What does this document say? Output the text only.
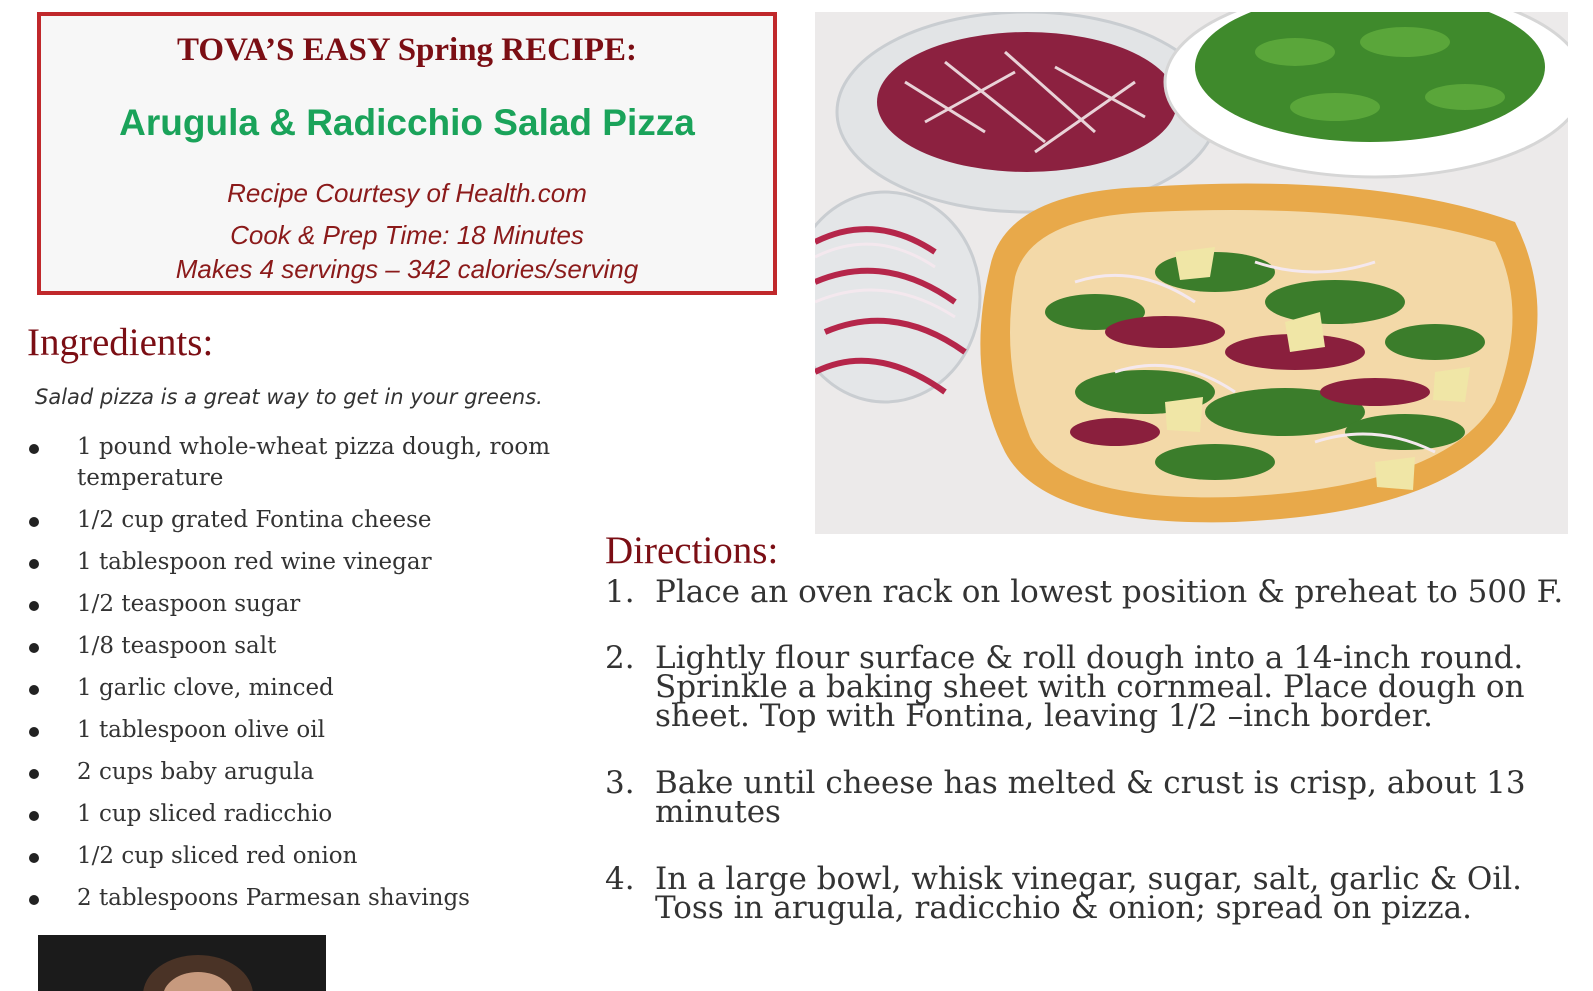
TOVA’S EASY Spring RECIPE:
Arugula & Radicchio Salad Pizza
Recipe Courtesy of Health.com
Cook & Prep Time: 18 Minutes
Makes 4 servings – 342 calories/serving
Ingredients:
Salad pizza is a great way to get in your greens.
1 pound whole-wheat pizza dough, room temperature
1/2 cup grated Fontina cheese
1 tablespoon red wine vinegar
1/2 teaspoon sugar
1/8 teaspoon salt
1 garlic clove, minced
1 tablespoon olive oil
2 cups baby arugula
1 cup sliced radicchio
1/2 cup sliced red onion
2 tablespoons Parmesan shavings
Directions:
1. Place an oven rack on lowest position & preheat to 500 F.
2. Lightly flour surface & roll dough into a 14-inch round. Sprinkle a baking sheet with cornmeal. Place dough on sheet. Top with Fontina, leaving 1/2 –inch border.
3. Bake until cheese has melted & crust is crisp, about 13 minutes
4. In a large bowl, whisk vinegar, sugar, salt, garlic & Oil. Toss in arugula, radicchio & onion; spread on pizza.
